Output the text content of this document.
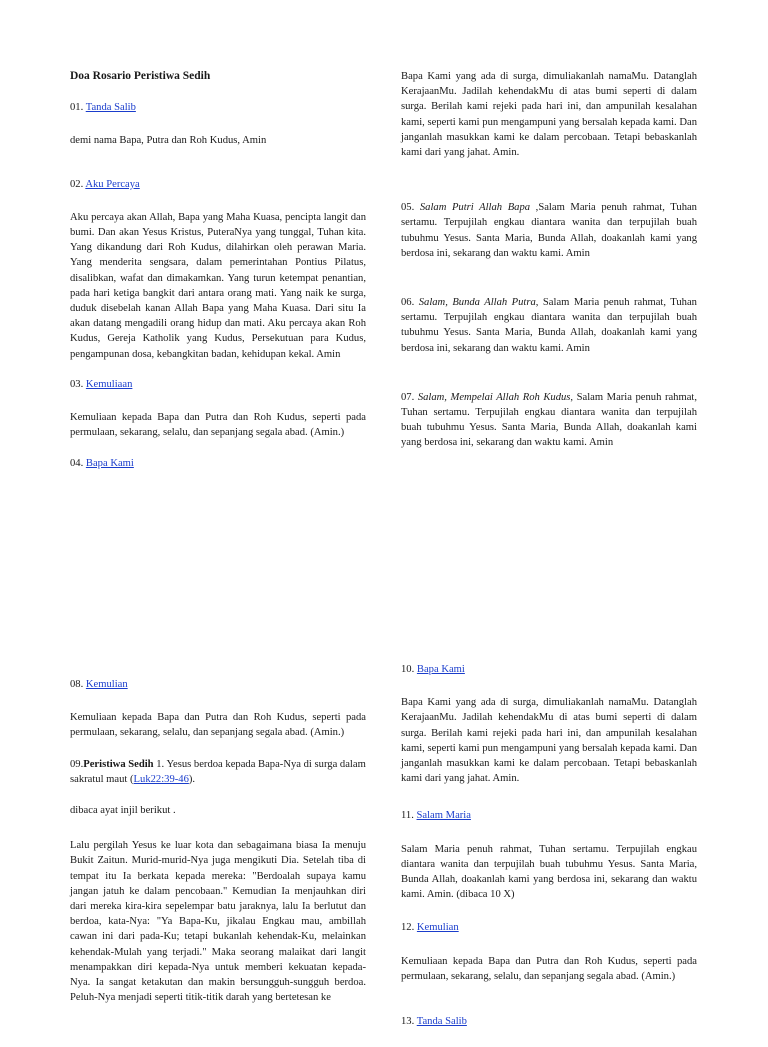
Doa Rosario Peristiwa Sedih

01. Tanda Salib

demi nama Bapa, Putra dan Roh Kudus, Amin

02. Aku Percaya

Aku percaya akan Allah, Bapa yang Maha Kuasa, pencipta langit dan bumi. Dan akan Yesus Kristus, PuteraNya yang tunggal, Tuhan kita. Yang dikandung dari Roh Kudus, dilahirkan oleh perawan Maria. Yang menderita sengsara, dalam pemerintahan Pontius Pilatus, disalibkan, wafat dan dimakamkan. Yang turun ketempat penantian, pada hari ketiga bangkit dari antara orang mati. Yang naik ke surga, duduk disebelah kanan Allah Bapa yang Maha Kuasa. Dari situ Ia akan datang mengadili orang hidup dan mati. Aku percaya akan Roh Kudus, Gereja Katholik yang Kudus, Persekutuan para Kudus, pengampunan dosa, kebangkitan badan, kehidupan kekal. Amin

03. Kemuliaan

Kemuliaan kepada Bapa dan Putra dan Roh Kudus, seperti pada permulaan, sekarang, selalu, dan sepanjang segala abad. (Amin.)

04. Bapa Kami

Bapa Kami yang ada di surga, dimuliakanlah namaMu. Datanglah KerajaanMu. Jadilah kehendakMu di atas bumi seperti di dalam surga. Berilah kami rejeki pada hari ini, dan ampunilah kesalahan kami, seperti kami pun mengampuni yang bersalah kepada kami. Dan janganlah masukkan kami ke dalam percobaan. Tetapi bebaskanlah kami dari yang jahat. Amin.

05. Salam Putri Allah Bapa ,Salam Maria penuh rahmat, Tuhan sertamu. Terpujilah engkau diantara wanita dan terpujilah buah tubuhmu Yesus. Santa Maria, Bunda Allah, doakanlah kami yang berdosa ini, sekarang dan waktu kami. Amin

06. Salam, Bunda Allah Putra, Salam Maria penuh rahmat, Tuhan sertamu. Terpujilah engkau diantara wanita dan terpujilah buah tubuhmu Yesus. Santa Maria, Bunda Allah, doakanlah kami yang berdosa ini, sekarang dan waktu kami. Amin

07. Salam, Mempelai Allah Roh Kudus, Salam Maria penuh rahmat, Tuhan sertamu. Terpujilah engkau diantara wanita dan terpujilah buah tubuhmu Yesus. Santa Maria, Bunda Allah, doakanlah kami yang berdosa ini, sekarang dan waktu kami. Amin

08. Kemulian

Kemuliaan kepada Bapa dan Putra dan Roh Kudus, seperti pada permulaan, sekarang, selalu, dan sepanjang segala abad. (Amin.)

09.Peristiwa Sedih 1. Yesus berdoa kepada Bapa-Nya di surga dalam sakratul maut (Luk22:39-46).

dibaca ayat injil berikut .

Lalu pergilah Yesus ke luar kota dan sebagaimana biasa Ia menuju Bukit Zaitun. Murid-murid-Nya juga mengikuti Dia. Setelah tiba di tempat itu Ia berkata kepada mereka: "Berdoalah supaya kamu jangan jatuh ke dalam pencobaan." Kemudian Ia menjauhkan diri dari mereka kira-kira sepelempar batu jaraknya, lalu Ia berlutut dan berdoa, kata-Nya: "Ya Bapa-Ku, jikalau Engkau mau, ambillah cawan ini dari pada-Ku; tetapi bukanlah kehendak-Ku, melainkan kehendak-Mulah yang terjadi." Maka seorang malaikat dari langit menampakkan diri kepada-Nya untuk memberi kekuatan kepada-Nya. Ia sangat ketakutan dan makin bersungguh-sungguh berdoa. Peluh-Nya menjadi seperti titik-titik darah yang bertetesan ke

10. Bapa Kami

Bapa Kami yang ada di surga, dimuliakanlah namaMu. Datanglah KerajaanMu. Jadilah kehendakMu di atas bumi seperti di dalam surga. Berilah kami rejeki pada hari ini, dan ampunilah kesalahan kami, seperti kami pun mengampuni yang bersalah kepada kami. Dan janganlah masukkan kami ke dalam percobaan. Tetapi bebaskanlah kami dari yang jahat. Amin.

11. Salam Maria

Salam Maria penuh rahmat, Tuhan sertamu. Terpujilah engkau diantara wanita dan terpujilah buah tubuhmu Yesus. Santa Maria, Bunda Allah, doakanlah kami yang berdosa ini, sekarang dan waktu kami. Amin. (dibaca 10 X)

12. Kemulian

Kemuliaan kepada Bapa dan Putra dan Roh Kudus, seperti pada permulaan, sekarang, selalu, dan sepanjang segala abad. (Amin.)

13. Tanda Salib
